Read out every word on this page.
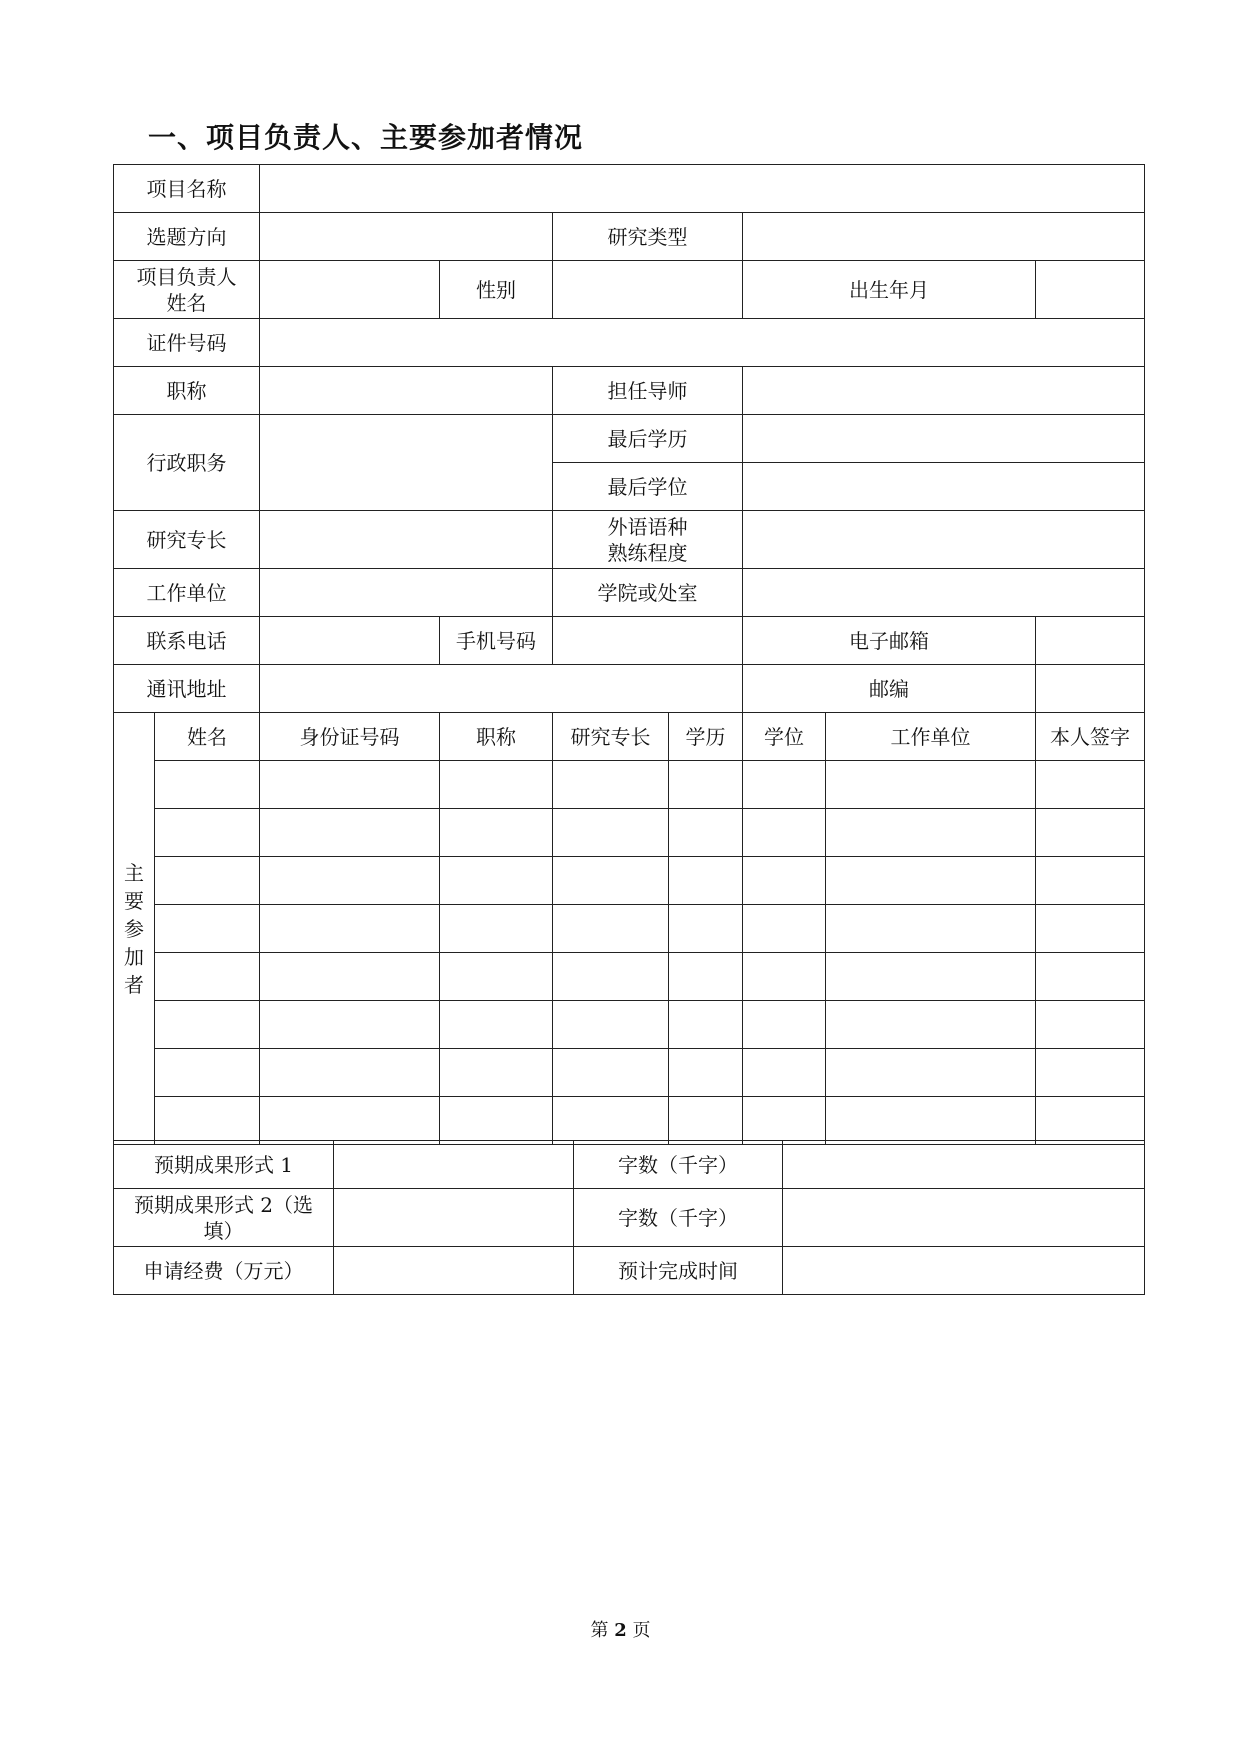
一、项目负责人、主要参加者情况
项目名称								
选题方向				研究类型				

项目负责人
姓名			性别			出生年月		
证件号码								
职称				担任导师				
行政职务				最后学历				
				最后学位				
研究专长				外语语种
熟练程度				

工作单位				学院或处室				
联系电话			手机号码			电子邮箱		
通讯地址						邮编		

主
要
参
加
者	姓名	身份证号码	职称	研究专长	学历	学位	工作单位	本人签字

预期成果形式 1		字数（千字）	

预期成果形式 2（选
填）		字数（千字）	
申请经费（万元）		预计完成时间	
第 2 页
